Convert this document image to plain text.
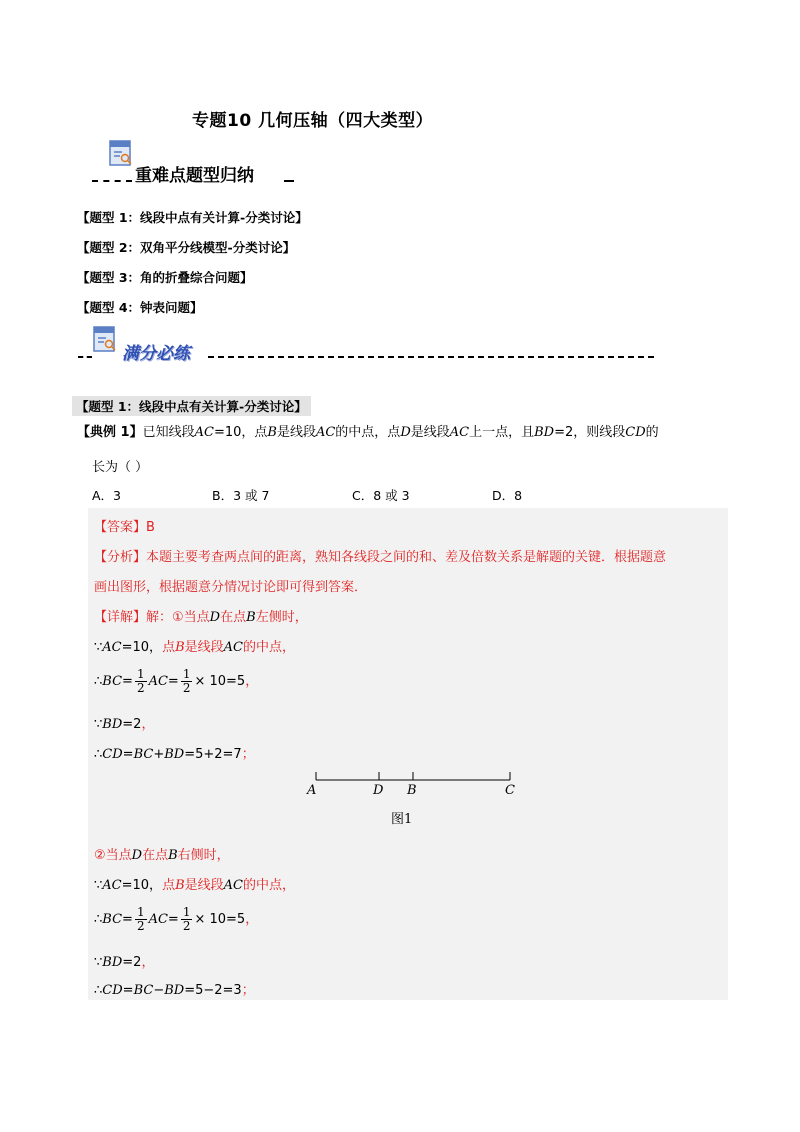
专题10 几何压轴（四大类型）
重难点题型归纳
【题型 1：线段中点有关计算-分类讨论】
【题型 2：双角平分线模型-分类讨论】
【题型 3：角的折叠综合问题】
【题型 4：钟表问题】
满分必练
【题型 1：线段中点有关计算-分类讨论】
【典例 1】已知线段AC=10，点B是线段AC的中点，点D是线段AC上一点，且BD=2，则线段CD的
长为（ ）
A．3	B．3 或 7	C．8 或 3	D．8
【答案】B
【分析】本题主要考查两点间的距离，熟知各线段之间的和、差及倍数关系是解题的关键．根据题意
画出图形，根据题意分情况讨论即可得到答案．
【详解】解：①当点D在点B左侧时，
∵AC=10，点B是线段AC的中点，
∴BC= $\frac{1}{2} AC= \frac{1}{2} \times 10=5$，
∵BD=2，
∴CD=BC+BD=5+2=7；
A	D B	C
图1
②当点D在点B右侧时，
∵AC=10，点B是线段AC的中点，
∴BC= $\frac{1}{2} AC= \frac{1}{2} \times 10=5$，
∵BD=2，
∴CD=BC−BD=5−2=3；
